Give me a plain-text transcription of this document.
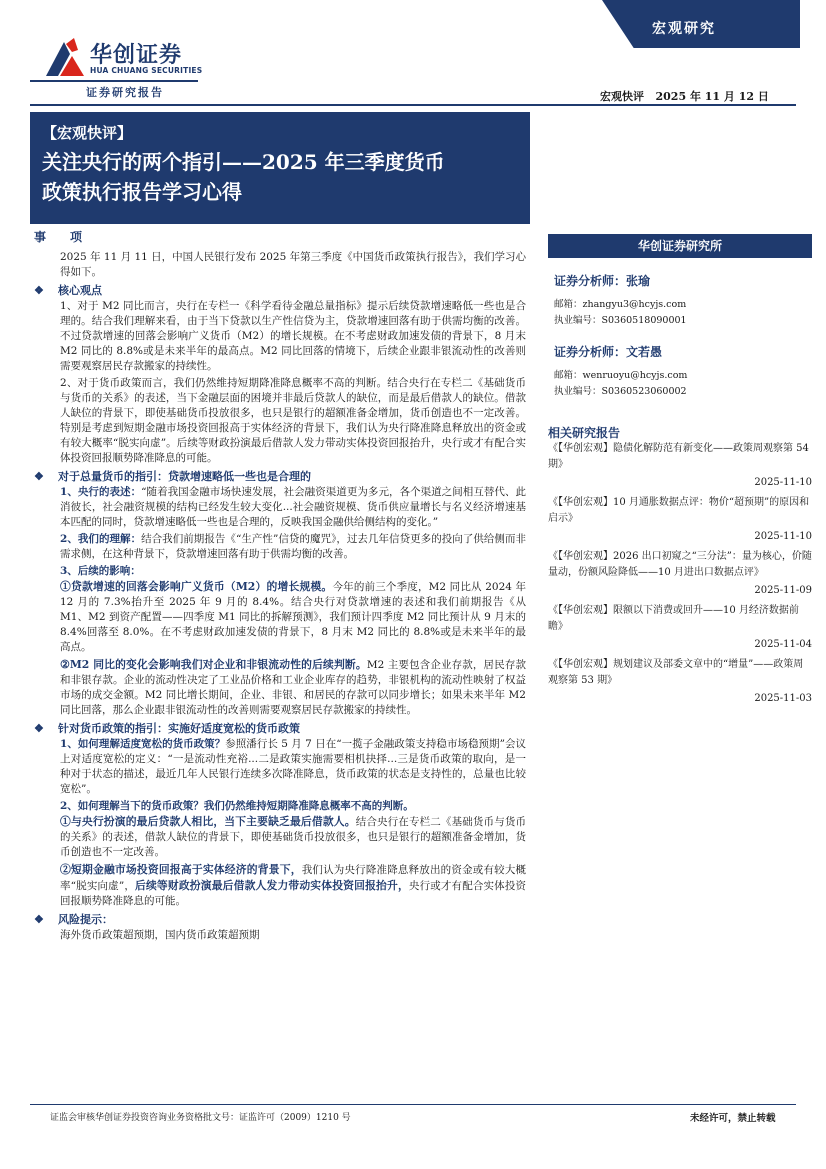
华创证券
HUA CHUANG SECURITIES
证券研究报告
宏观研究
宏观快评 2025 年 11 月 12 日
【宏观快评】
关注央行的两个指引——2025 年三季度货币
政策执行报告学习心得
华创证券研究所
证券分析师：张瑜
邮箱：zhangyu3@hcyjs.com
执业编号：S0360518090001
证券分析师：文若愚
邮箱：wenruoyu@hcyjs.com
执业编号：S0360523060002
相关研究报告
《【华创宏观】隐债化解防范有新变化——政策周观察第 54 期》
2025-11-10
《【华创宏观】10 月通胀数据点评：物价“超预期”的原因和启示》
2025-11-10
《【华创宏观】2026 出口初窥之“三分法”：量为核心，价随量动，份额风险降低——10 月进出口数据点评》
2025-11-09
《【华创宏观】限额以下消费或回升——10 月经济数据前瞻》
2025-11-04
《【华创宏观】规划建议及部委文章中的“增量”——政策周观察第 53 期》
2025-11-03
事项
2025 年 11 月 11 日，中国人民银行发布 2025 年第三季度《中国货币政策执行报告》，我们学习心得如下。
❖ 核心观点
1、对于 M2 同比而言，央行在专栏一《科学看待金融总量指标》提示后续贷款增速略低一些也是合理的。结合我们理解来看，由于当下贷款以生产性信贷为主，贷款增速回落有助于供需均衡的改善。不过贷款增速的回落会影响广义货币（M2）的增长规模。在不考虑财政加速发债的背景下，8 月末 M2 同比的 8.8%或是未来半年的最高点。M2 同比回落的情境下，后续企业跟非银流动性的改善则需要观察居民存款搬家的持续性。
2、对于货币政策而言，我们仍然维持短期降准降息概率不高的判断。结合央行在专栏二《基础货币与货币的关系》的表述，当下金融层面的困境并非最后贷款人的缺位，而是最后借款人的缺位。借款人缺位的背景下，即使基础货币投放很多，也只是银行的超额准备金增加，货币创造也不一定改善。特别是考虑到短期金融市场投资回报高于实体经济的背景下，我们认为央行降准降息释放出的资金或有较大概率“脱实向虚”。后续等财政扮演最后借款人发力带动实体投资回报抬升，央行或才有配合实体投资回报顺势降准降息的可能。
❖ 对于总量货币的指引：贷款增速略低一些也是合理的
1、央行的表述：“随着我国金融市场快速发展，社会融资渠道更为多元，各个渠道之间相互替代、此消彼长，社会融资规模的结构已经发生较大变化...社会融资规模、货币供应量增长与名义经济增速基本匹配的同时，贷款增速略低一些也是合理的，反映我国金融供给侧结构的变化。”
2、我们的理解：结合我们前期报告《“生产性”信贷的魔咒》，过去几年信贷更多的投向了供给侧而非需求侧，在这种背景下，贷款增速回落有助于供需均衡的改善。
3、后续的影响：
①贷款增速的回落会影响广义货币（M2）的增长规模。今年的前三个季度，M2 同比从 2024 年 12 月的 7.3%抬升至 2025 年 9 月的 8.4%。结合央行对贷款增速的表述和我们前期报告《从 M1、M2 到资产配置——四季度 M1 同比的拆解预测》，我们预计四季度 M2 同比预计从 9 月末的 8.4%回落至 8.0%。在不考虑财政加速发债的背景下，8 月末 M2 同比的 8.8%或是未来半年的最高点。
②M2 同比的变化会影响我们对企业和非银流动性的后续判断。M2 主要包含企业存款，居民存款和非银存款。企业的流动性决定了工业品价格和工业企业库存的趋势，非银机构的流动性映射了权益市场的成交金额。M2 同比增长期间，企业、非银、和居民的存款可以同步增长；如果未来半年 M2 同比回落，那么企业跟非银流动性的改善则需要观察居民存款搬家的持续性。
❖ 针对货币政策的指引：实施好适度宽松的货币政策
1、如何理解适度宽松的货币政策？参照潘行长 5 月 7 日在“一揽子金融政策支持稳市场稳预期”会议上对适度宽松的定义：“一是流动性充裕...二是政策实施需要相机抉择...三是货币政策的取向，是一种对于状态的描述，最近几年人民银行连续多次降准降息，货币政策的状态是支持性的，总量也比较宽松”。
2、如何理解当下的货币政策？我们仍然维持短期降准降息概率不高的判断。
①与央行扮演的最后贷款人相比，当下主要缺乏最后借款人。结合央行在专栏二《基础货币与货币的关系》的表述，借款人缺位的背景下，即使基础货币投放很多，也只是银行的超额准备金增加，货币创造也不一定改善。
②短期金融市场投资回报高于实体经济的背景下，我们认为央行降准降息释放出的资金或有较大概率“脱实向虚”，后续等财政扮演最后借款人发力带动实体投资回报抬升，央行或才有配合实体投资回报顺势降准降息的可能。
❖ 风险提示：
海外货币政策超预期，国内货币政策超预期
证监会审核华创证券投资咨询业务资格批文号：证监许可（2009）1210 号	未经许可，禁止转载
